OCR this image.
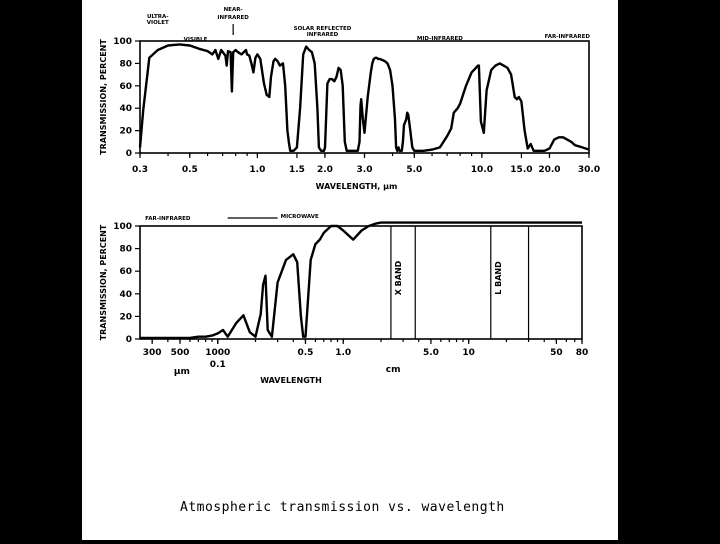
0
20
40
60
80
100
0.3	0.5	1.0	1.5 2.0	3.0	5.0	10.0 15.0 20.0 30.0
TRANSMISSION, PERCENT
WAVELENGTH, μm
ULTRA-
VIOLET
VISIBLE
NEAR-
INFRARED
SOLAR REFLECTED
INFRARED
MID-INFRARED	FAR-INFRARED
0
20
40
60
80
100
300 500 1000
0.1
0.5 1.0	5.0	10	50 80
TRANSMISSION, PERCENT
WAVELENGTH
X BAND	L BAND
μm	cm
FAR-INFRARED	MICROWAVE
Atmospheric transmission vs. wavelength
